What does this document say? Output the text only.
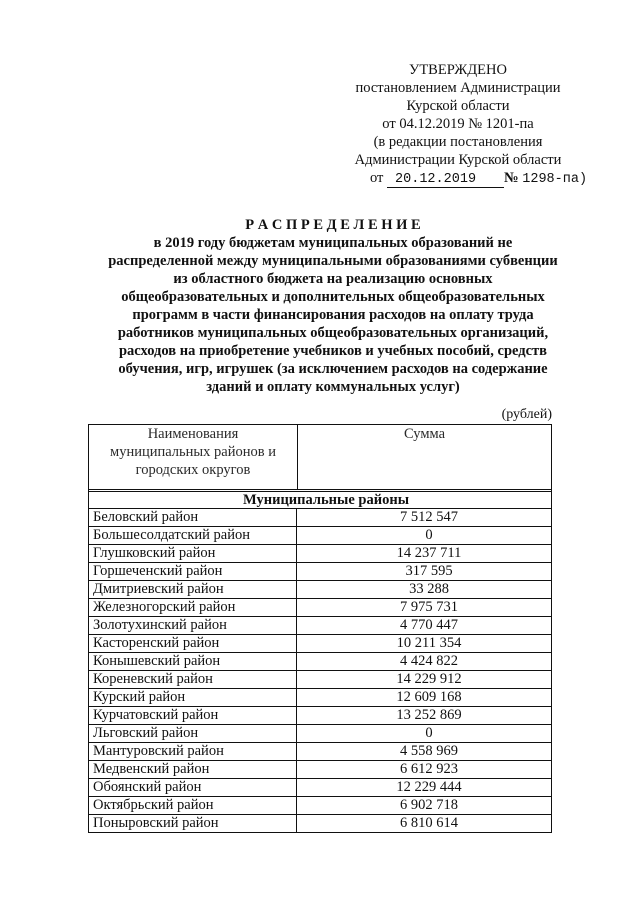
УТВЕРЖДЕНО
постановлением Администрации
Курской области
от 04.12.2019 № 1201-па
(в редакции постановления
Администрации Курской области
от 20.12.2019 № 1298-па)
Р А С П Р Е Д Е Л Е Н И Е
в 2019 году бюджетам муниципальных образований не
распределенной между муниципальными образованиями субвенции
из областного бюджета на реализацию основных
общеобразовательных и дополнительных общеобразовательных
программ в части финансирования расходов на оплату труда
работников муниципальных общеобразовательных организаций,
расходов на приобретение учебников и учебных пособий, средств
обучения, игр, игрушек (за исключением расходов на содержание
зданий и оплату коммунальных услуг)
(рублей)
Наименования
муниципальных районов и
городских округов
Сумма
Муниципальные районы
Беловский район	7 512 547
Большесолдатский район	0
Глушковский район	14 237 711
Горшеченский район	317 595
Дмитриевский район	33 288
Железногорский район	7 975 731
Золотухинский район	4 770 447
Касторенский район	10 211 354
Конышевский район	4 424 822
Кореневский район	14 229 912
Курский район	12 609 168
Курчатовский район	13 252 869
Льговский район	0
Мантуровский район	4 558 969
Медвенский район	6 612 923
Обоянский район	12 229 444
Октябрьский район	6 902 718
Поныровский район	6 810 614
